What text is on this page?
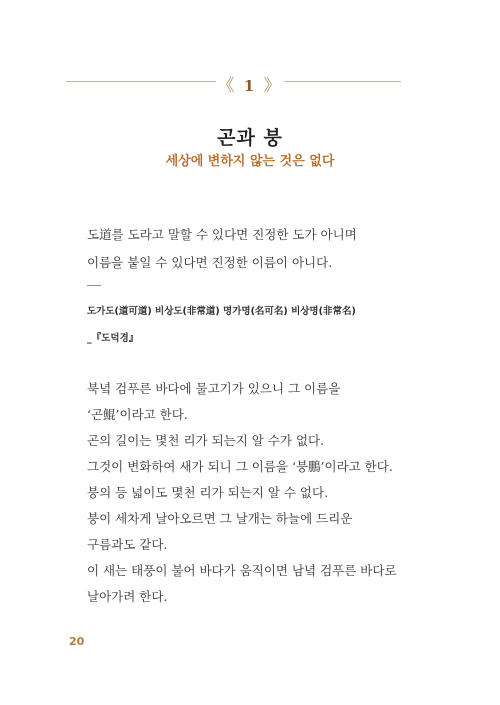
《 1 》
곤과 붕
세상에 변하지 않는 것은 없다
도道를 도라고 말할 수 있다면 진정한 도가 아니며
이름을 붙일 수 있다면 진정한 이름이 아니다.
도가도(道可道) 비상도(非常道) 명가명(名可名) 비상명(非常名)
_『도덕경』
북녘 검푸른 바다에 물고기가 있으니 그 이름을
‘곤鯤’이라고 한다.
곤의 길이는 몇천 리가 되는지 알 수가 없다.
그것이 변화하여 새가 되니 그 이름을 ‘붕鵬’이라고 한다.
붕의 등 넓이도 몇천 리가 되는지 알 수 없다.
붕이 세차게 날아오르면 그 날개는 하늘에 드리운
구름과도 같다.
이 새는 태풍이 불어 바다가 움직이면 남녘 검푸른 바다로
날아가려 한다.
20
